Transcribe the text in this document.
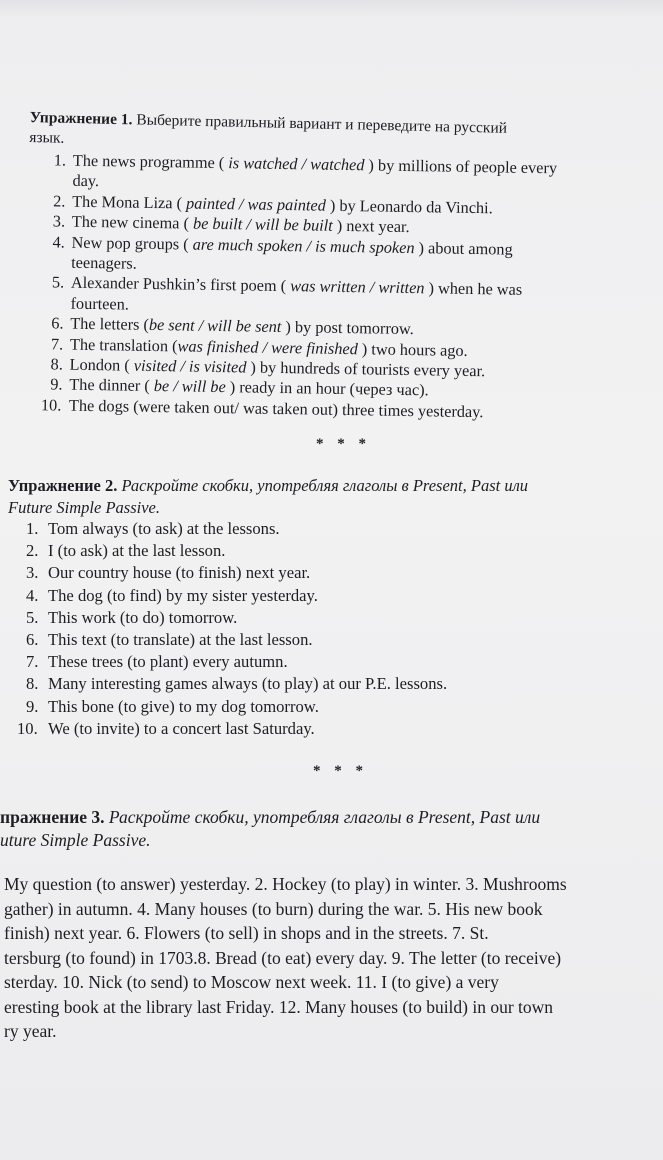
Упражнение 1. Выберите правильный вариант и переведите на русский
язык.
1. The news programme ( is watched / watched ) by millions of people every
day.
2. The Mona Liza ( painted / was painted ) by Leonardo da Vinchi.
3. The new cinema ( be built / will be built ) next year.
4. New pop groups ( are much spoken / is much spoken ) about among
teenagers.
5. Alexander Pushkin’s first poem ( was written / written ) when he was
fourteen.
6. The letters (be sent / will be sent ) by post tomorrow.
7. The translation (was finished / were finished ) two hours ago.
8. London ( visited / is visited ) by hundreds of tourists every year.
9. The dinner ( be / will be ) ready in an hour (через час).
10. The dogs (were taken out/ was taken out) three times yesterday.
* * *
Упражнение 2. Раскройте скобки, употребляя глаголы в Present, Past или
Future Simple Passive.
1. Tom always (to ask) at the lessons.
2. I (to ask) at the last lesson.
3. Our country house (to finish) next year.
4. The dog (to find) by my sister yesterday.
5. This work (to do) tomorrow.
6. This text (to translate) at the last lesson.
7. These trees (to plant) every autumn.
8. Many interesting games always (to play) at our P.E. lessons.
9. This bone (to give) to my dog tomorrow.
10. We (to invite) to a concert last Saturday.
* * *
пражнение 3. Раскройте скобки, употребляя глаголы в Present, Past или
uture Simple Passive.
My question (to answer) yesterday. 2. Hockey (to play) in winter. 3. Mushrooms
gather) in autumn. 4. Many houses (to burn) during the war. 5. His new book
finish) next year. 6. Flowers (to sell) in shops and in the streets. 7. St.
tersburg (to found) in 1703.8. Bread (to eat) every day. 9. The letter (to receive)
sterday. 10. Nick (to send) to Moscow next week. 11. I (to give) a very
eresting book at the library last Friday. 12. Many houses (to build) in our town
ry year.
